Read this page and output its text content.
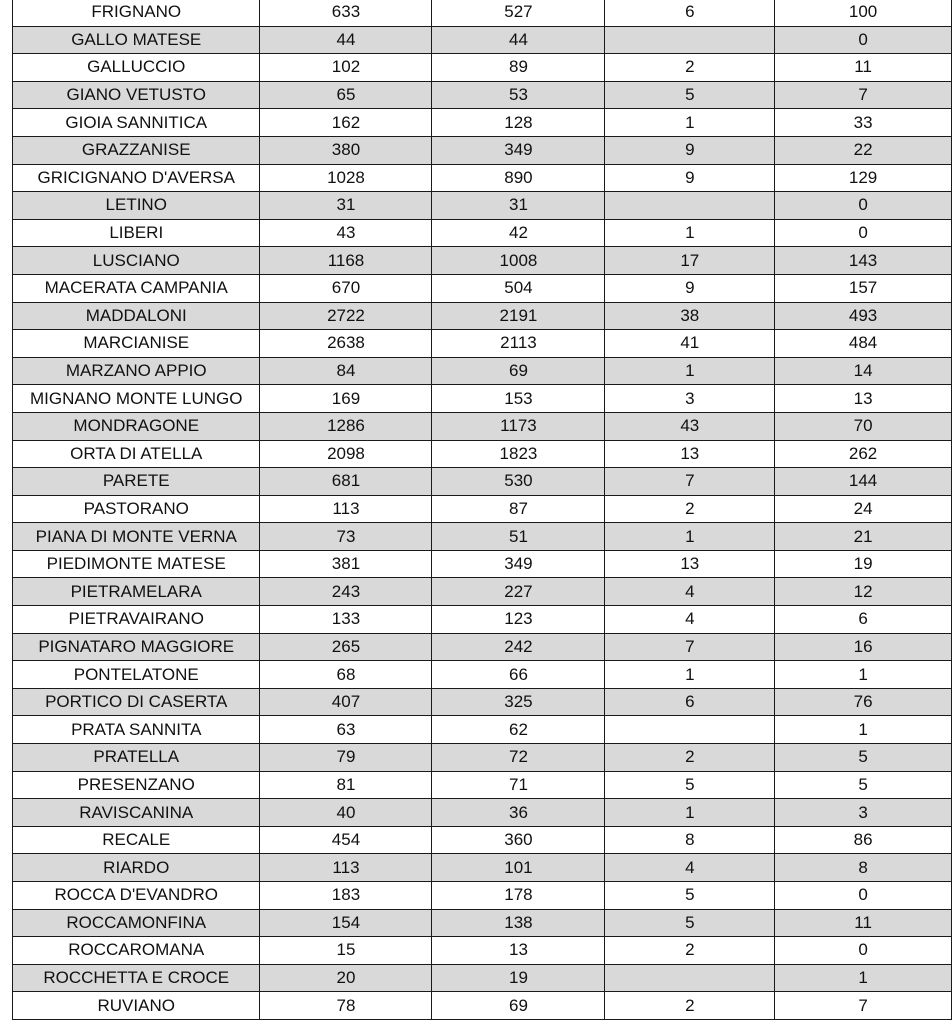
FRIGNANO	633	527	6	100
GALLO MATESE	44	44		0
GALLUCCIO	102	89	2	11
GIANO VETUSTO	65	53	5	7
GIOIA SANNITICA	162	128	1	33
GRAZZANISE	380	349	9	22
GRICIGNANO D'AVERSA	1028	890	9	129
LETINO	31	31		0
LIBERI	43	42	1	0
LUSCIANO	1168	1008	17	143
MACERATA CAMPANIA	670	504	9	157
MADDALONI	2722	2191	38	493
MARCIANISE	2638	2113	41	484
MARZANO APPIO	84	69	1	14
MIGNANO MONTE LUNGO	169	153	3	13
MONDRAGONE	1286	1173	43	70
ORTA DI ATELLA	2098	1823	13	262
PARETE	681	530	7	144
PASTORANO	113	87	2	24
PIANA DI MONTE VERNA	73	51	1	21
PIEDIMONTE MATESE	381	349	13	19
PIETRAMELARA	243	227	4	12
PIETRAVAIRANO	133	123	4	6
PIGNATARO MAGGIORE	265	242	7	16
PONTELATONE	68	66	1	1
PORTICO DI CASERTA	407	325	6	76
PRATA SANNITA	63	62		1
PRATELLA	79	72	2	5
PRESENZANO	81	71	5	5
RAVISCANINA	40	36	1	3
RECALE	454	360	8	86
RIARDO	113	101	4	8
ROCCA D'EVANDRO	183	178	5	0
ROCCAMONFINA	154	138	5	11
ROCCAROMANA	15	13	2	0
ROCCHETTA E CROCE	20	19		1
RUVIANO	78	69	2	7
